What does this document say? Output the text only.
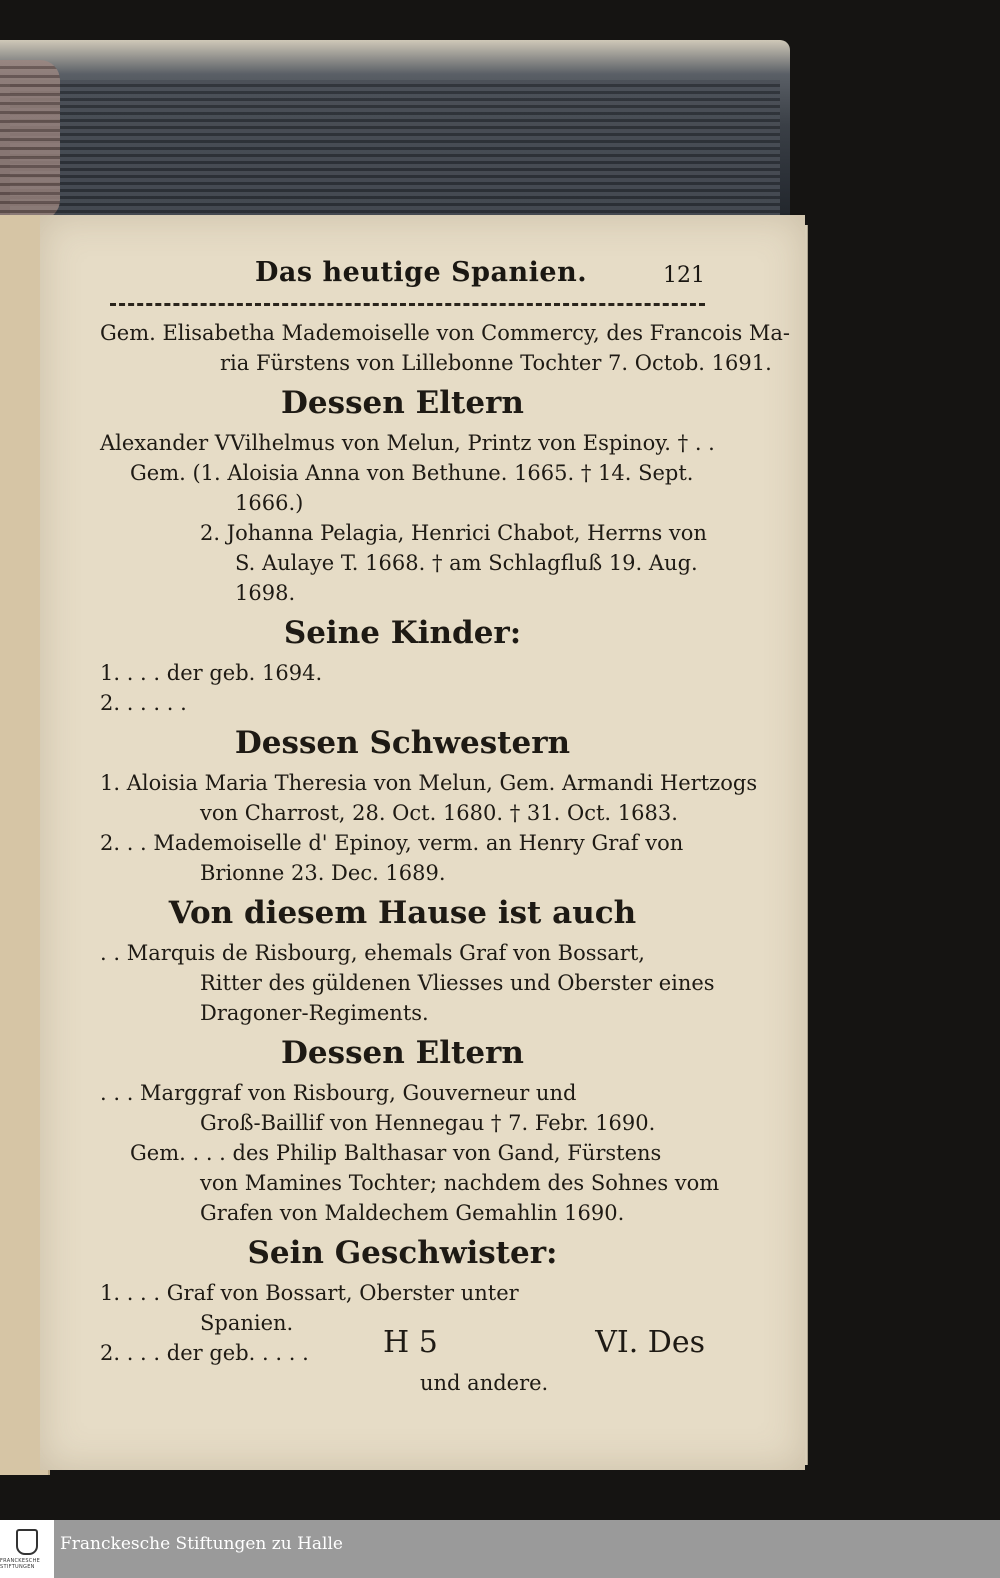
Das heutige Spanien.	121
Gem. Elisabetha Mademoiselle von Commercy, des Francois Ma-
ria Fürstens von Lillebonne Tochter 7. Octob. 1691.
Dessen Eltern
Alexander VVilhelmus von Melun, Printz von Espinoy. † . .
Gem. (1. Aloisia Anna von Bethune. 1665. † 14. Sept.
1666.)
2. Johanna Pelagia, Henrici Chabot, Herrns von
S. Aulaye T. 1668. † am Schlagfluß 19. Aug.
1698.
Seine Kinder:
1. . . . der geb. 1694.
2. . . . . .
Dessen Schwestern
1. Aloisia Maria Theresia von Melun, Gem. Armandi Hertzogs
von Charrost, 28. Oct. 1680. † 31. Oct. 1683.
2. . . Mademoiselle d' Epinoy, verm. an Henry Graf von
Brionne 23. Dec. 1689.
Von diesem Hause ist auch
. . Marquis de Risbourg, ehemals Graf von Bossart,
Ritter des güldenen Vliesses und Oberster eines
Dragoner-Regiments.
Dessen Eltern
. . . Marggraf von Risbourg, Gouverneur und
Groß-Baillif von Hennegau † 7. Febr. 1690.
Gem. . . . des Philip Balthasar von Gand, Fürstens
von Mamines Tochter; nachdem des Sohnes vom
Grafen von Maldechem Gemahlin 1690.
Sein Geschwister:
1. . . . Graf von Bossart, Oberster unter
Spanien.
2. . . . der geb. . . . .
und andere.
H 5	VI. Des
FRANCKESCHE STIFTUNGEN
Franckesche Stiftungen zu Halle
